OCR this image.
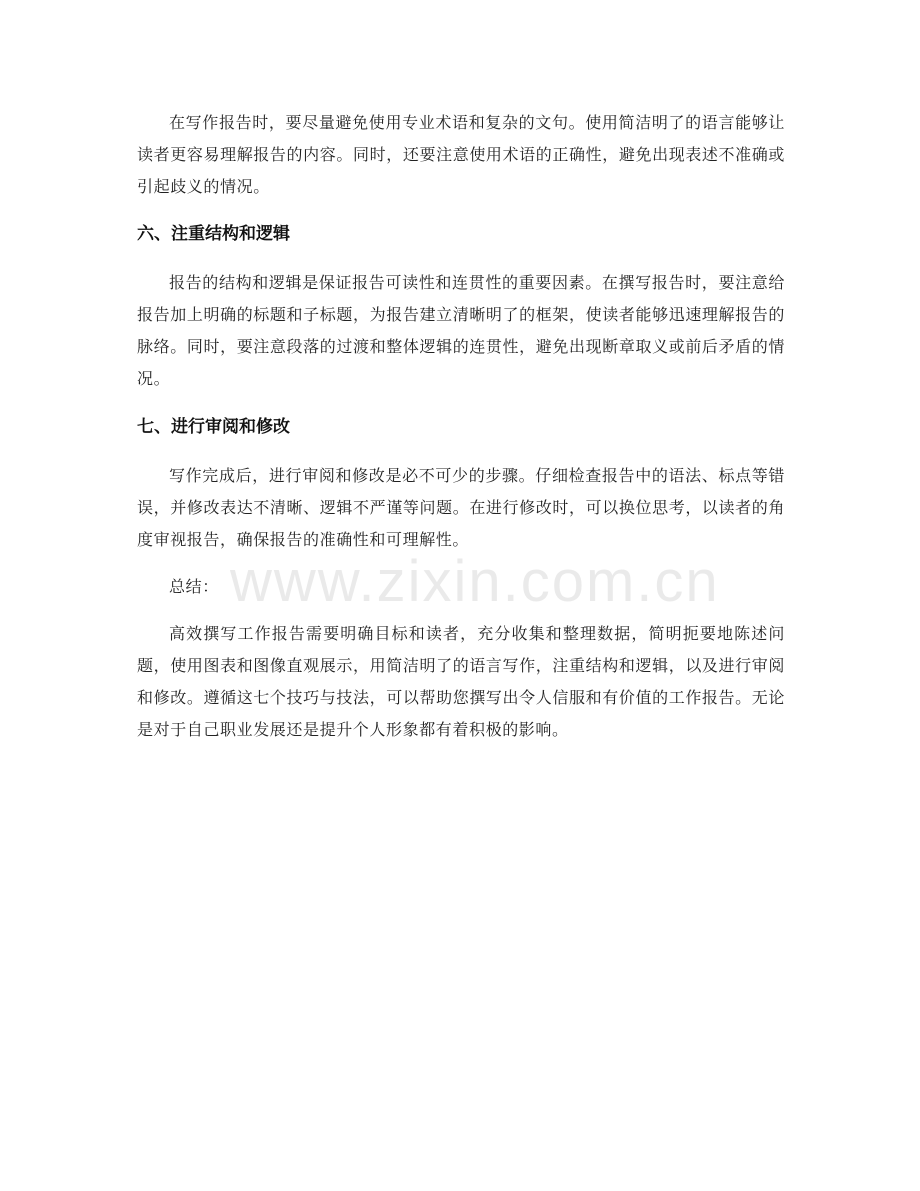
在写作报告时，要尽量避免使用专业术语和复杂的文句。使用简洁明了的语言能够让读者更容易理解报告的内容。同时，还要注意使用术语的正确性，避免出现表述不准确或引起歧义的情况。

六、注重结构和逻辑

报告的结构和逻辑是保证报告可读性和连贯性的重要因素。在撰写报告时，要注意给报告加上明确的标题和子标题，为报告建立清晰明了的框架，使读者能够迅速理解报告的脉络。同时，要注意段落的过渡和整体逻辑的连贯性，避免出现断章取义或前后矛盾的情况。

七、进行审阅和修改

写作完成后，进行审阅和修改是必不可少的步骤。仔细检查报告中的语法、标点等错误，并修改表达不清晰、逻辑不严谨等问题。在进行修改时，可以换位思考，以读者的角度审视报告，确保报告的准确性和可理解性。

总结：

高效撰写工作报告需要明确目标和读者，充分收集和整理数据，简明扼要地陈述问题，使用图表和图像直观展示，用简洁明了的语言写作，注重结构和逻辑，以及进行审阅和修改。遵循这七个技巧与技法，可以帮助您撰写出令人信服和有价值的工作报告。无论是对于自己职业发展还是提升个人形象都有着积极的影响。

www.zixin.com.cn
